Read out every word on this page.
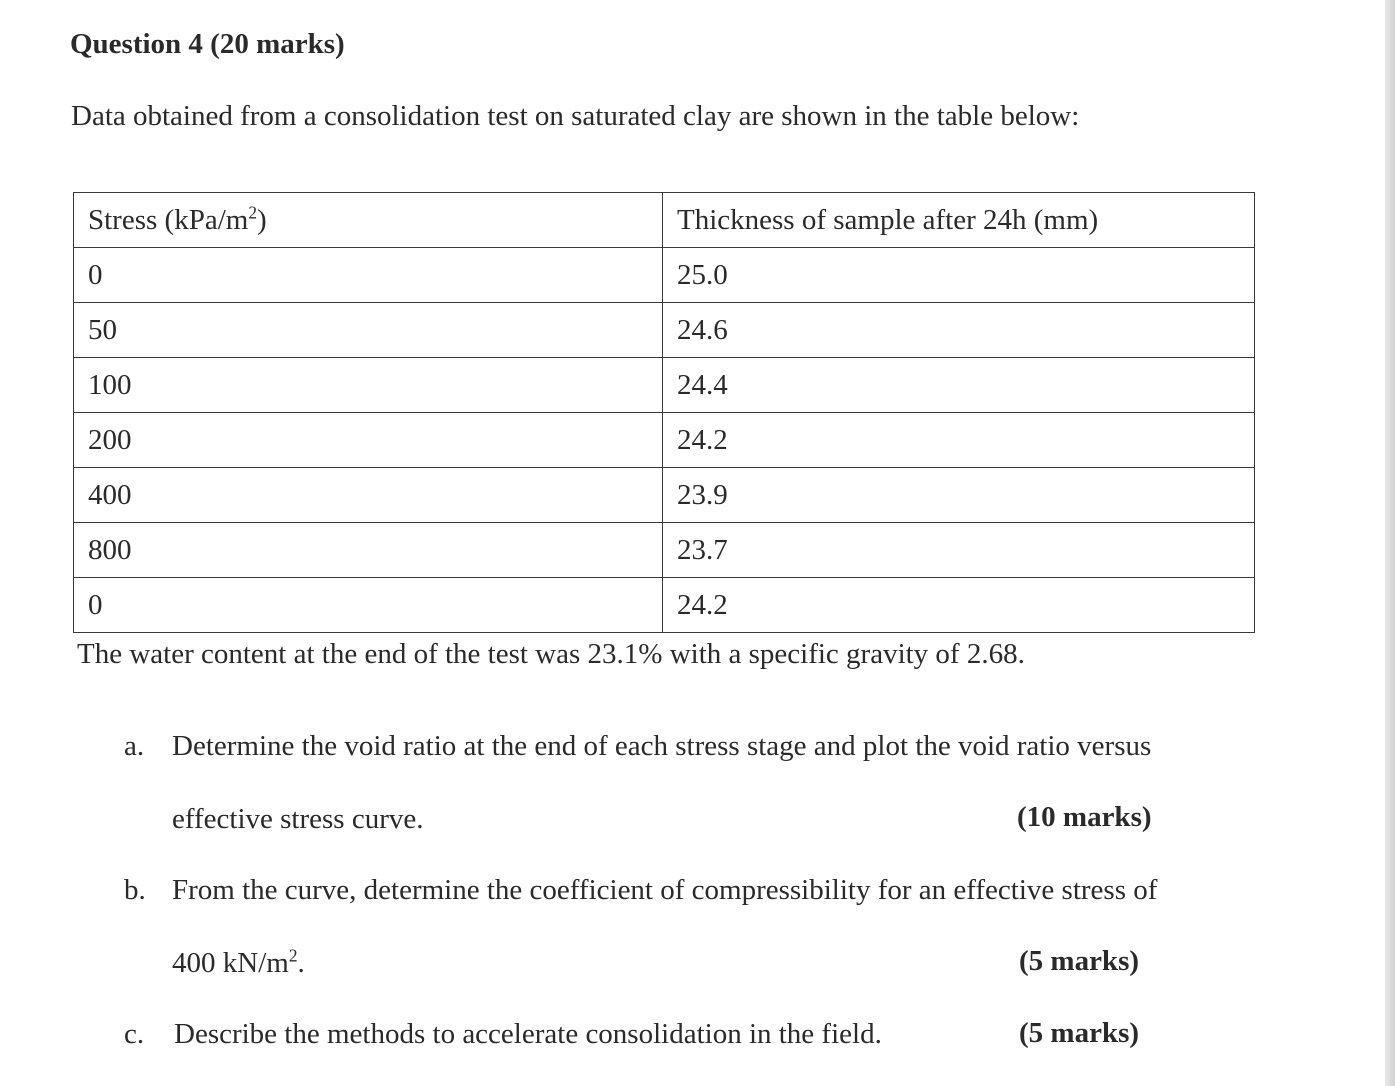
Question 4 (20 marks)

Data obtained from a consolidation test on saturated clay are shown in the table below:

Stress $(kPa/m^2)$	Thickness of sample after 24h (mm)
0	25.0
50	24.6
100	24.4
200	24.2
400	23.9
800	23.7
0	24.2

The water content at the end of the test was 23.1% with a specific gravity of 2.68.

a. Determine the void ratio at the end of each stress stage and plot the void ratio versus

effective stress curve.	(10 marks)

b. From the curve, determine the coefficient of compressibility for an effective stress of

400 $kN/m^2$.	(5 marks)

c. Describe the methods to accelerate consolidation in the field.	(5 marks)
